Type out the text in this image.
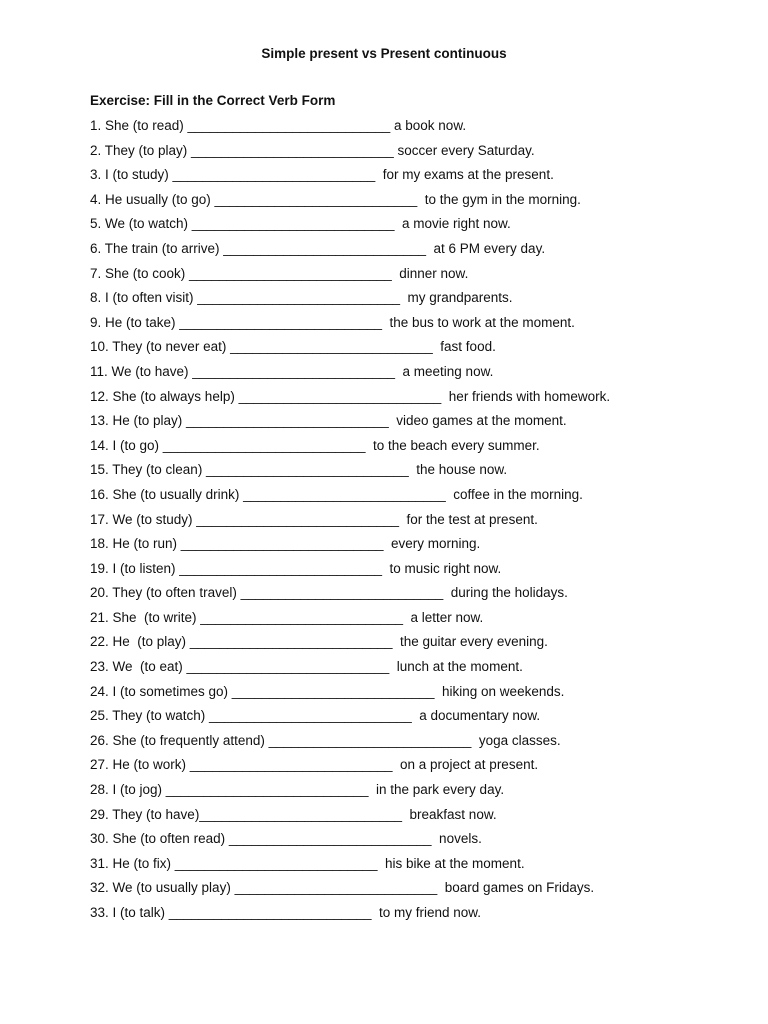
Simple present vs Present continuous
Exercise: Fill in the Correct Verb Form
1. She (to read) ___________________________ a book now.
2. They (to play) ___________________________ soccer every Saturday.
3. I (to study) ___________________________  for my exams at the present.
4. He usually (to go) ___________________________  to the gym in the morning.
5. We (to watch) ___________________________  a movie right now.
6. The train (to arrive) ___________________________  at 6 PM every day.
7. She (to cook) ___________________________  dinner now.
8. I (to often visit) ___________________________  my grandparents.
9. He (to take) ___________________________  the bus to work at the moment.
10. They (to never eat) ___________________________  fast food.
11. We (to have) ___________________________  a meeting now.
12. She (to always help) ___________________________  her friends with homework.
13. He (to play) ___________________________  video games at the moment.
14. I (to go) ___________________________  to the beach every summer.
15. They (to clean) ___________________________  the house now.
16. She (to usually drink) ___________________________  coffee in the morning.
17. We (to study) ___________________________  for the test at present.
18. He (to run) ___________________________  every morning.
19. I (to listen) ___________________________  to music right now.
20. They (to often travel) ___________________________  during the holidays.
21. She  (to write) ___________________________  a letter now.
22. He  (to play) ___________________________  the guitar every evening.
23. We  (to eat) ___________________________  lunch at the moment.
24. I (to sometimes go) ___________________________  hiking on weekends.
25. They (to watch) ___________________________  a documentary now.
26. She (to frequently attend) ___________________________  yoga classes.
27. He (to work) ___________________________  on a project at present.
28. I (to jog) ___________________________  in the park every day.
29. They (to have)___________________________  breakfast now.
30. She (to often read) ___________________________  novels.
31. He (to fix) ___________________________  his bike at the moment.
32. We (to usually play) ___________________________  board games on Fridays.
33. I (to talk) ___________________________  to my friend now.
